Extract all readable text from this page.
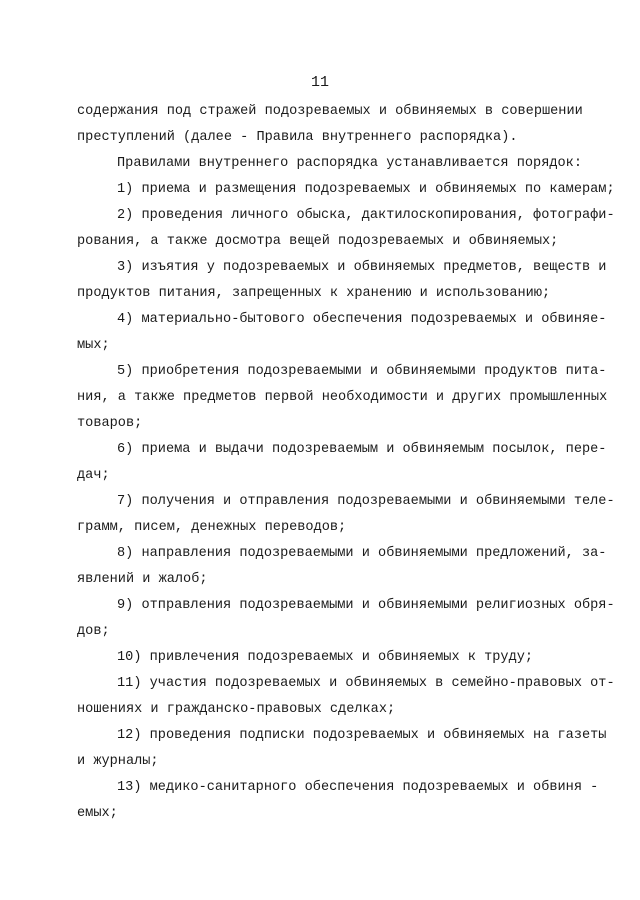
11
содержания под стражей подозреваемых и обвиняемых в совершении
преступлений (далее - Правила внутреннего распорядка).
Правилами внутреннего распорядка устанавливается порядок:
1) приема и размещения подозреваемых и обвиняемых по камерам;
2) проведения личного обыска, дактилоскопирования, фотографи-
рования, а также досмотра вещей подозреваемых и обвиняемых;
3) изъятия у подозреваемых и обвиняемых предметов, веществ и
продуктов питания, запрещенных к хранению и использованию;
4) материально-бытового обеспечения подозреваемых и обвиняе-
мых;
5) приобретения подозреваемыми и обвиняемыми продуктов пита-
ния, а также предметов первой необходимости и других промышленных
товаров;
6) приема и выдачи подозреваемым и обвиняемым посылок, пере-
дач;
7) получения и отправления подозреваемыми и обвиняемыми теле-
грамм, писем, денежных переводов;
8) направления подозреваемыми и обвиняемыми предложений, за-
явлений и жалоб;
9) отправления подозреваемыми и обвиняемыми религиозных обря-
дов;
10) привлечения подозреваемых и обвиняемых к труду;
11) участия подозреваемых и обвиняемых в семейно-правовых от-
ношениях и гражданско-правовых сделках;
12) проведения подписки подозреваемых и обвиняемых на газеты
и журналы;
13) медико-санитарного обеспечения подозреваемых и обвиня -
емых;
